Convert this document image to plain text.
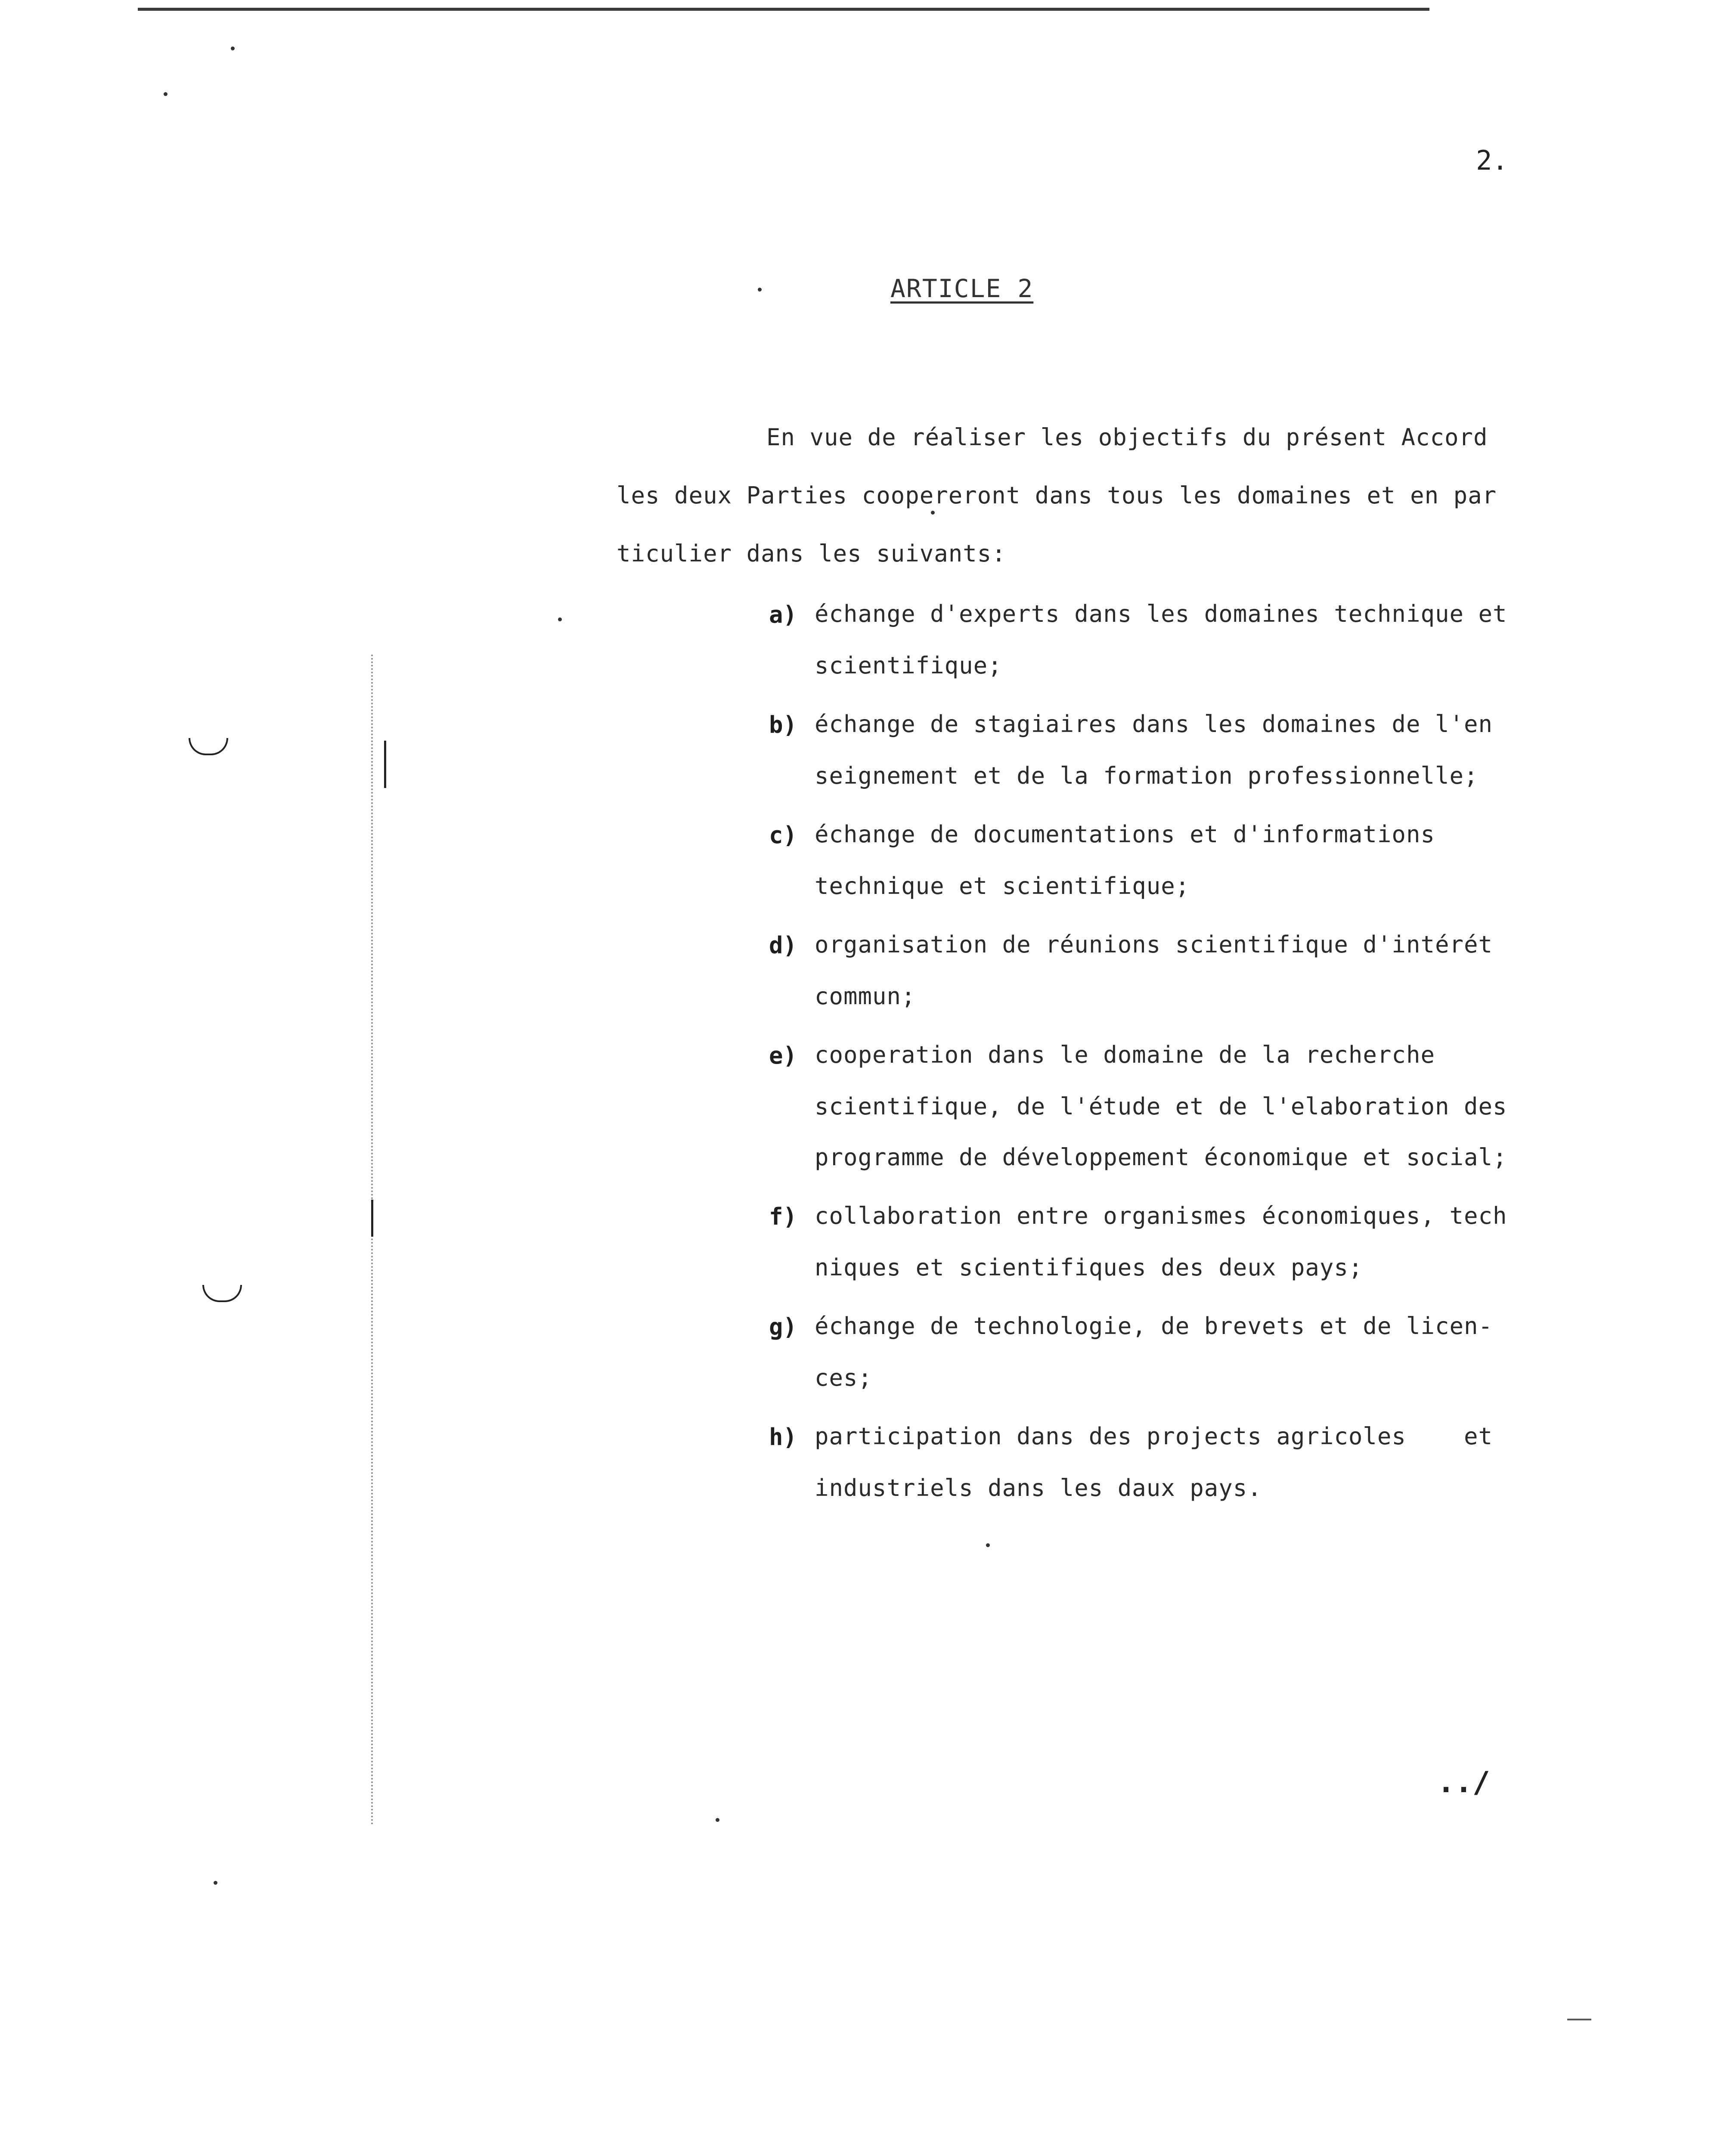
2.
ARTICLE 2
En vue de réaliser les objectifs du présent Accord
les deux Parties coopereront dans tous les domaines et en par
ticulier dans les suivants:
a) échange d'experts dans les domaines technique et
scientifique;
b) échange de stagiaires dans les domaines de l'en
seignement et de la formation professionnelle;
c) échange de documentations et d'informations
technique et scientifique;
d) organisation de réunions scientifique d'intérét
commun;
e) cooperation dans le domaine de la recherche
scientifique, de l'étude et de l'elaboration des
programme de développement économique et social;
f) collaboration entre organismes économiques, tech
niques et scientifiques des deux pays;
g) échange de technologie, de brevets et de licen-
ces;
h) participation dans des projects agricoles    et
industriels dans les daux pays.
../
